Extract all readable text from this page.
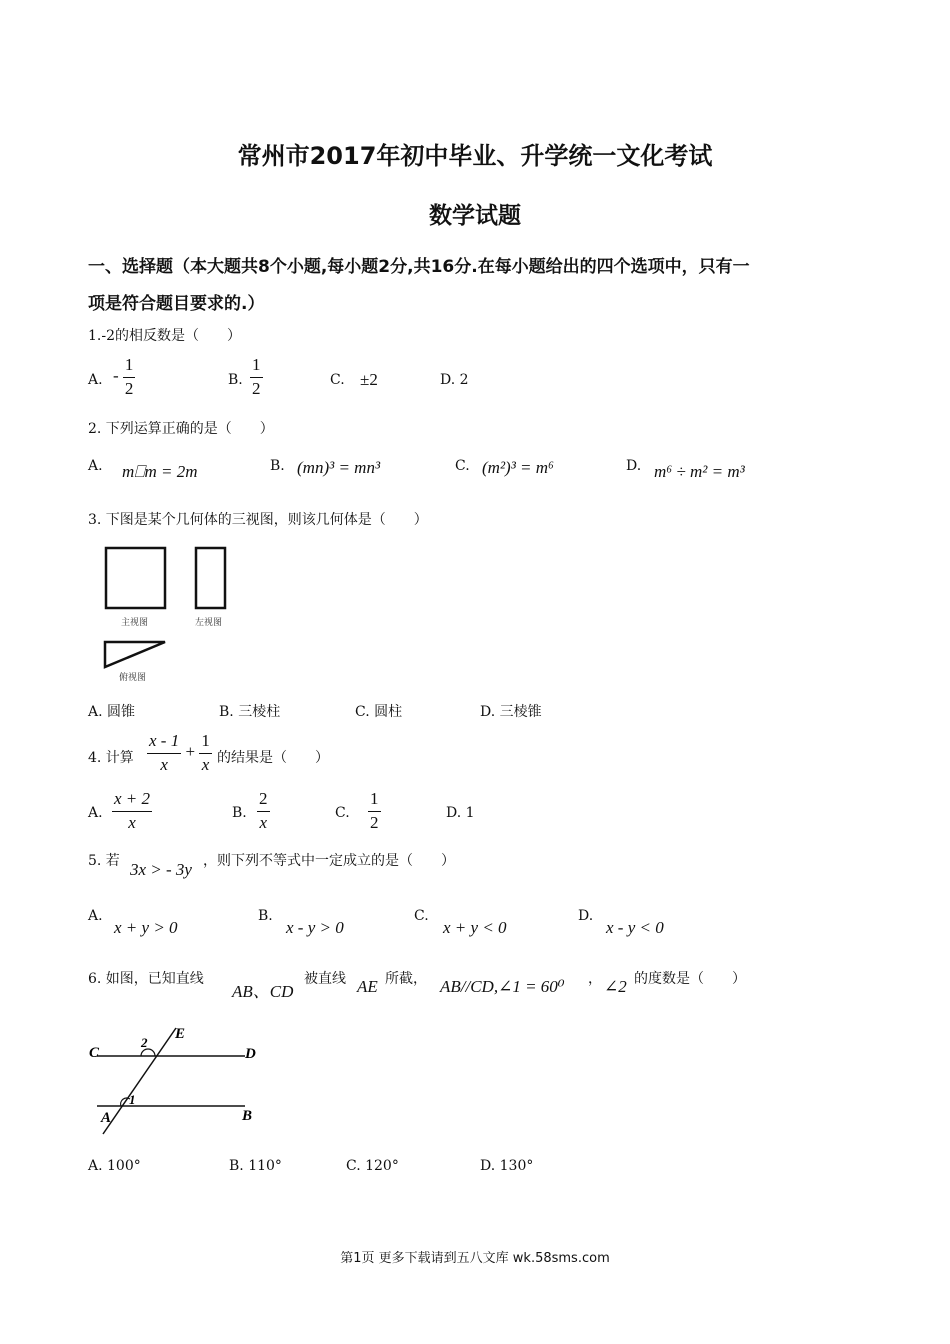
常州市2017年初中毕业、升学统一文化考试
数学试题
一、选择题（本大题共8个小题,每小题2分,共16分.在每小题给出的四个选项中，只有一
项是符合题目要求的.）
1.-2的相反数是（　　）
A. - $\frac{1}{2}$	B. $\frac{1}{2}$	C. ±2	D. 2
2. 下列运算正确的是（　　）
A. m⎕m = 2m	B. (mn)³ = mn³	C. (m²)³ = m⁶	D. m⁶ ÷ m² = m³
3. 下图是某个几何体的三视图，则该几何体是（　　）
主视图	左视图
俯视图
A. 圆锥	B. 三棱柱	C. 圆柱	D. 三棱锥
4. 计算 $\frac{x - 1}{x} + \frac{1}{x}$ 的结果是（　　）
A. $\frac{x + 2}{x}$	B. $\frac{2}{x}$	C. $\frac{1}{2}$	D. 1
5. 若 3x > - 3y ，则下列不等式中一定成立的是（　　）
A.
x + y > 0
B.
x - y > 0
C.
x + y < 0
D.
x - y < 0
6. 如图，已知直线
AB、CD
被直线 AE 所截， AB//CD,∠1 = 60⁰ ， ∠2 的度数是（　　）
C	D
E
A	B
1
2
A. 100°	B. 110°	C. 120°	D. 130°
第1页 更多下载请到五八文库 wk.58sms.com
